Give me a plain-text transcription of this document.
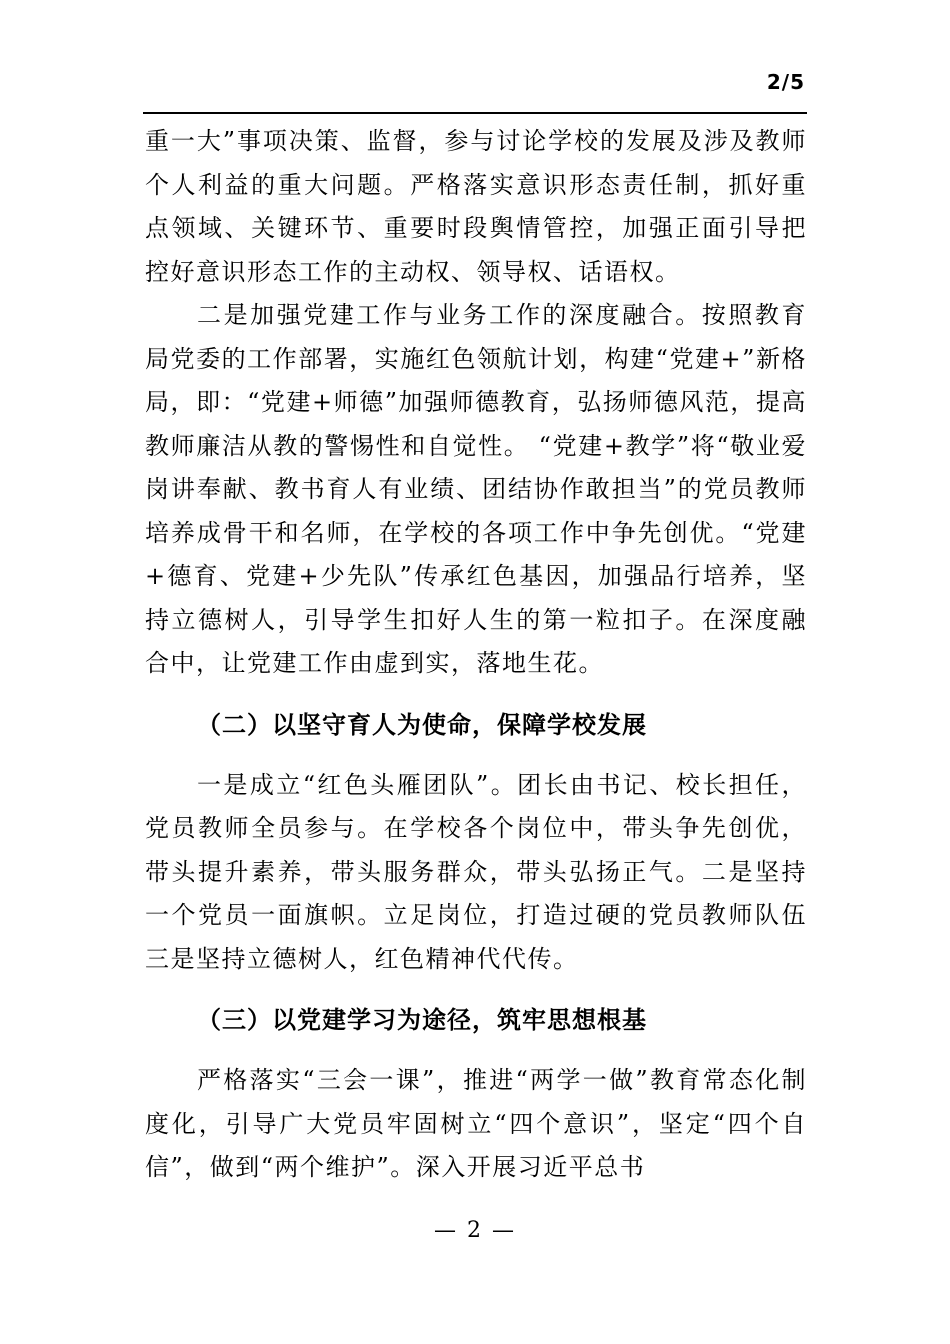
2/5

重一大”事项决策、监督，参与讨论学校的发展及涉及教师个人利益的重大问题。严格落实意识形态责任制，抓好重点领域、关键环节、重要时段舆情管控，加强正面引导把控好意识形态工作的主动权、领导权、话语权。

二是加强党建工作与业务工作的深度融合。按照教育局党委的工作部署，实施红色领航计划，构建“党建+”新格局，即：“党建+师德”加强师德教育，弘扬师德风范，提高教师廉洁从教的警惕性和自觉性。 “党建+教学”将“敬业爱岗讲奉献、教书育人有业绩、团结协作敢担当”的党员教师培养成骨干和名师，在学校的各项工作中争先创优。“党建+德育、党建+少先队”传承红色基因，加强品行培养，坚持立德树人，引导学生扣好人生的第一粒扣子。在深度融合中，让党建工作由虚到实，落地生花。

（二）以坚守育人为使命，保障学校发展

一是成立“红色头雁团队”。团长由书记、校长担任，党员教师全员参与。在学校各个岗位中，带头争先创优，带头提升素养，带头服务群众，带头弘扬正气。二是坚持一个党员一面旗帜。立足岗位，打造过硬的党员教师队伍三是坚持立德树人，红色精神代代传。

（三）以党建学习为途径，筑牢思想根基

严格落实“三会一课”，推进“两学一做”教育常态化制度化，引导广大党员牢固树立“四个意识”，坚定“四个自信”，做到“两个维护”。深入开展习近平总书

— 2 —
